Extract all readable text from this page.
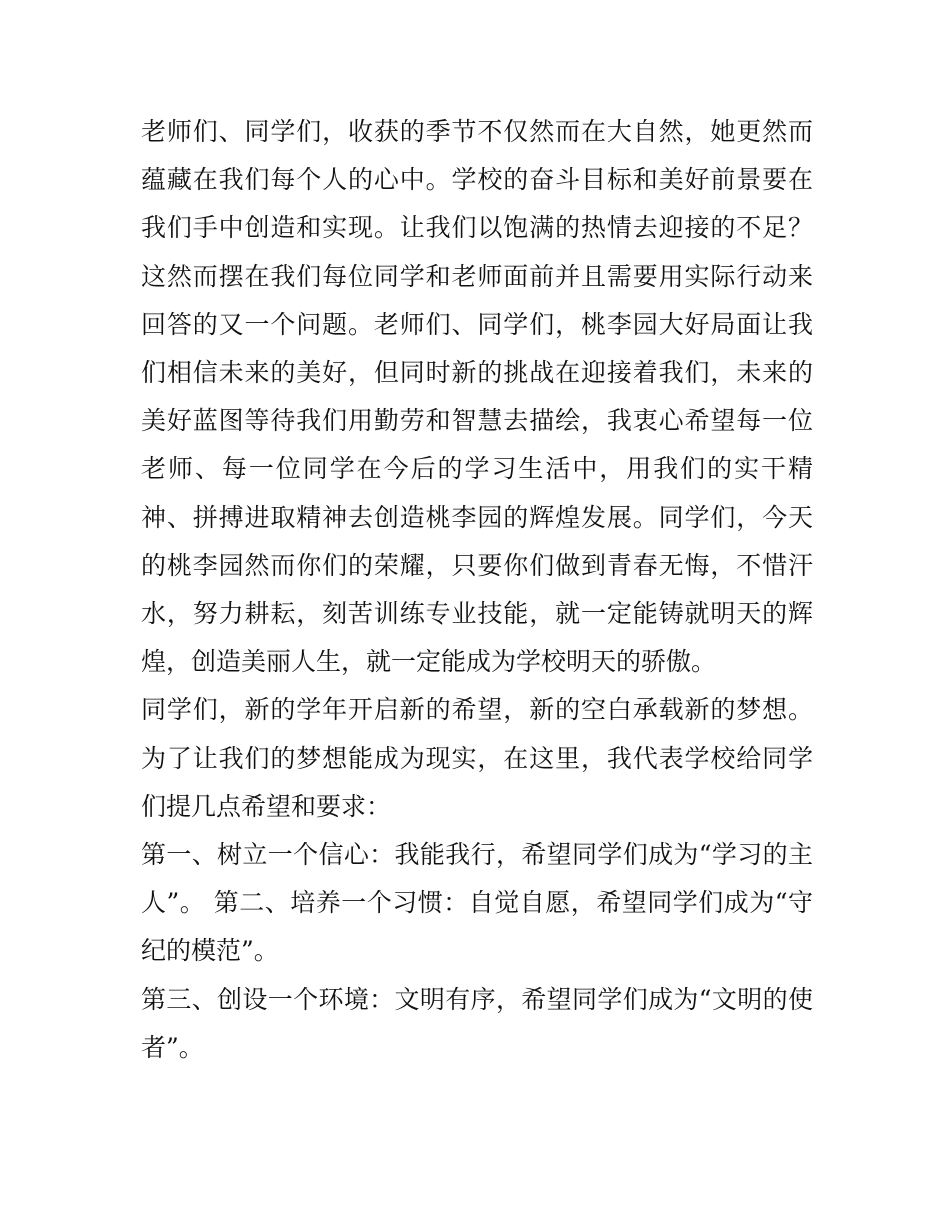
老师们、同学们，收获的季节不仅然而在大自然，她更然而蕴藏在我们每个人的心中。学校的奋斗目标和美好前景要在我们手中创造和实现。让我们以饱满的热情去迎接的不足？这然而摆在我们每位同学和老师面前并且需要用实际行动来回答的又一个问题。老师们、同学们，桃李园大好局面让我们相信未来的美好，但同时新的挑战在迎接着我们，未来的美好蓝图等待我们用勤劳和智慧去描绘，我衷心希望每一位老师、每一位同学在今后的学习生活中，用我们的实干精神、拼搏进取精神去创造桃李园的辉煌发展。同学们，今天的桃李园然而你们的荣耀，只要你们做到青春无悔，不惜汗水，努力耕耘，刻苦训练专业技能，就一定能铸就明天的辉煌，创造美丽人生，就一定能成为学校明天的骄傲。

同学们，新的学年开启新的希望，新的空白承载新的梦想。为了让我们的梦想能成为现实，在这里，我代表学校给同学们提几点希望和要求：

第一、树立一个信心：我能我行，希望同学们成为“学习的主人”。 第二、培养一个习惯：自觉自愿，希望同学们成为“守纪的模范”。

第三、创设一个环境：文明有序，希望同学们成为“文明的使者”。
